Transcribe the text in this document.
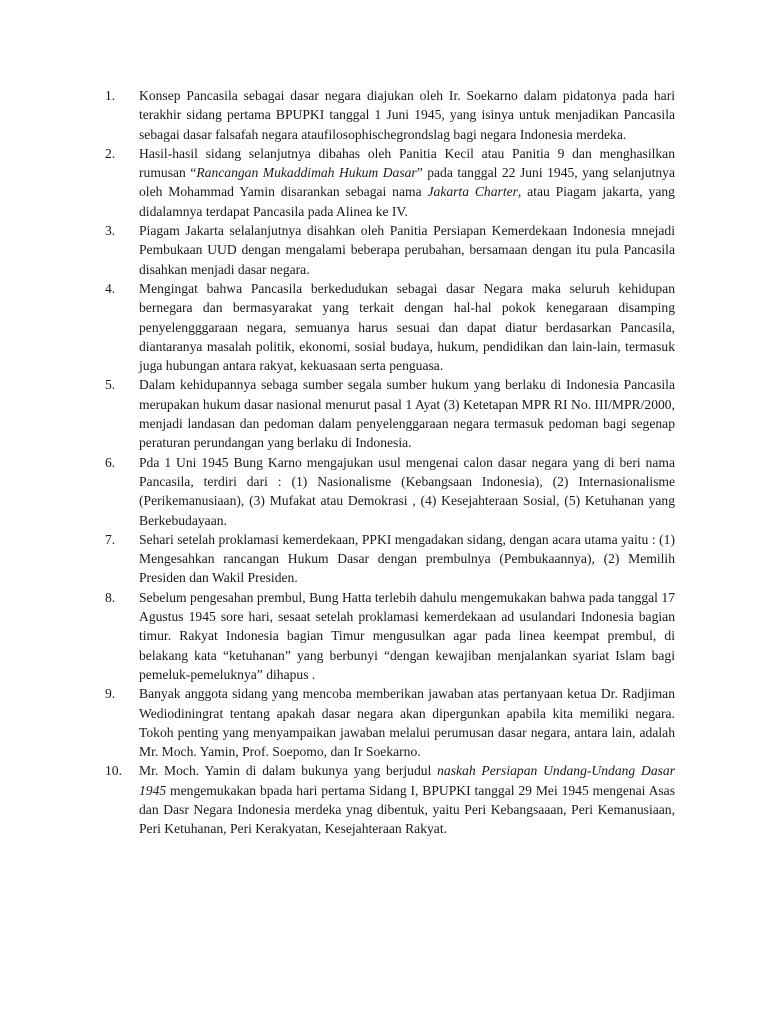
1.	Konsep Pancasila sebagai dasar negara diajukan oleh Ir. Soekarno dalam pidatonya pada hari terakhir sidang pertama BPUPKI tanggal 1 Juni 1945, yang isinya untuk menjadikan Pancasila sebagai dasar falsafah negara ataufilosophischegrondslag bagi negara Indonesia merdeka.
2.	Hasil-hasil sidang selanjutnya dibahas oleh Panitia Kecil atau Panitia 9 dan menghasilkan rumusan “Rancangan Mukaddimah Hukum Dasar” pada tanggal 22 Juni 1945, yang selanjutnya oleh Mohammad Yamin disarankan sebagai nama Jakarta Charter, atau Piagam jakarta, yang didalamnya terdapat Pancasila pada Alinea ke IV.
3.	Piagam Jakarta selalanjutnya disahkan oleh Panitia Persiapan Kemerdekaan Indonesia mnejadi Pembukaan UUD dengan mengalami beberapa perubahan, bersamaan dengan itu pula Pancasila disahkan menjadi dasar negara.
4.	Mengingat bahwa Pancasila berkedudukan sebagai dasar Negara maka seluruh kehidupan bernegara dan bermasyarakat yang terkait dengan hal-hal pokok kenegaraan disamping penyelengggaraan negara, semuanya harus sesuai dan dapat diatur berdasarkan Pancasila, diantaranya masalah politik, ekonomi, sosial budaya, hukum, pendidikan dan lain-lain, termasuk juga hubungan antara rakyat, kekuasaan serta penguasa.
5.	Dalam kehidupannya sebaga sumber segala sumber hukum yang berlaku di Indonesia Pancasila merupakan hukum dasar nasional menurut pasal 1 Ayat (3) Ketetapan MPR RI No. III/MPR/2000, menjadi landasan dan pedoman dalam penyelenggaraan negara termasuk pedoman bagi segenap peraturan perundangan yang berlaku di Indonesia.
6.	Pda 1 Uni 1945 Bung Karno mengajukan usul mengenai calon dasar negara yang di beri nama Pancasila, terdiri dari : (1) Nasionalisme (Kebangsaan Indonesia), (2) Internasionalisme (Perikemanusiaan), (3) Mufakat atau Demokrasi , (4) Kesejahteraan Sosial, (5) Ketuhanan yang Berkebudayaan.
7.	Sehari setelah proklamasi kemerdekaan, PPKI mengadakan sidang, dengan acara utama yaitu : (1) Mengesahkan rancangan Hukum Dasar dengan prembulnya (Pembukaannya), (2) Memilih Presiden dan Wakil Presiden.
8.	Sebelum pengesahan prembul, Bung Hatta terlebih dahulu mengemukakan bahwa pada tanggal 17 Agustus 1945 sore hari, sesaat setelah proklamasi kemerdekaan ad usulandari Indonesia bagian timur. Rakyat Indonesia bagian Timur mengusulkan agar pada linea keempat prembul, di belakang kata “ketuhanan” yang berbunyi “dengan kewajiban menjalankan syariat Islam bagi pemeluk-pemeluknya” dihapus .
9.	Banyak anggota sidang yang mencoba memberikan jawaban atas pertanyaan ketua Dr. Radjiman Wediodiningrat tentang apakah dasar negara akan dipergunkan apabila kita memiliki negara. Tokoh penting yang menyampaikan jawaban melalui perumusan dasar negara, antara lain, adalah Mr. Moch. Yamin, Prof. Soepomo, dan Ir Soekarno.
10.	Mr. Moch. Yamin di dalam bukunya yang berjudul naskah Persiapan Undang-Undang Dasar 1945 mengemukakan bpada hari pertama Sidang I, BPUPKI tanggal 29 Mei 1945 mengenai Asas dan Dasr Negara Indonesia merdeka ynag dibentuk, yaitu Peri Kebangsaaan, Peri Kemanusiaan, Peri Ketuhanan, Peri Kerakyatan, Kesejahteraan Rakyat.
